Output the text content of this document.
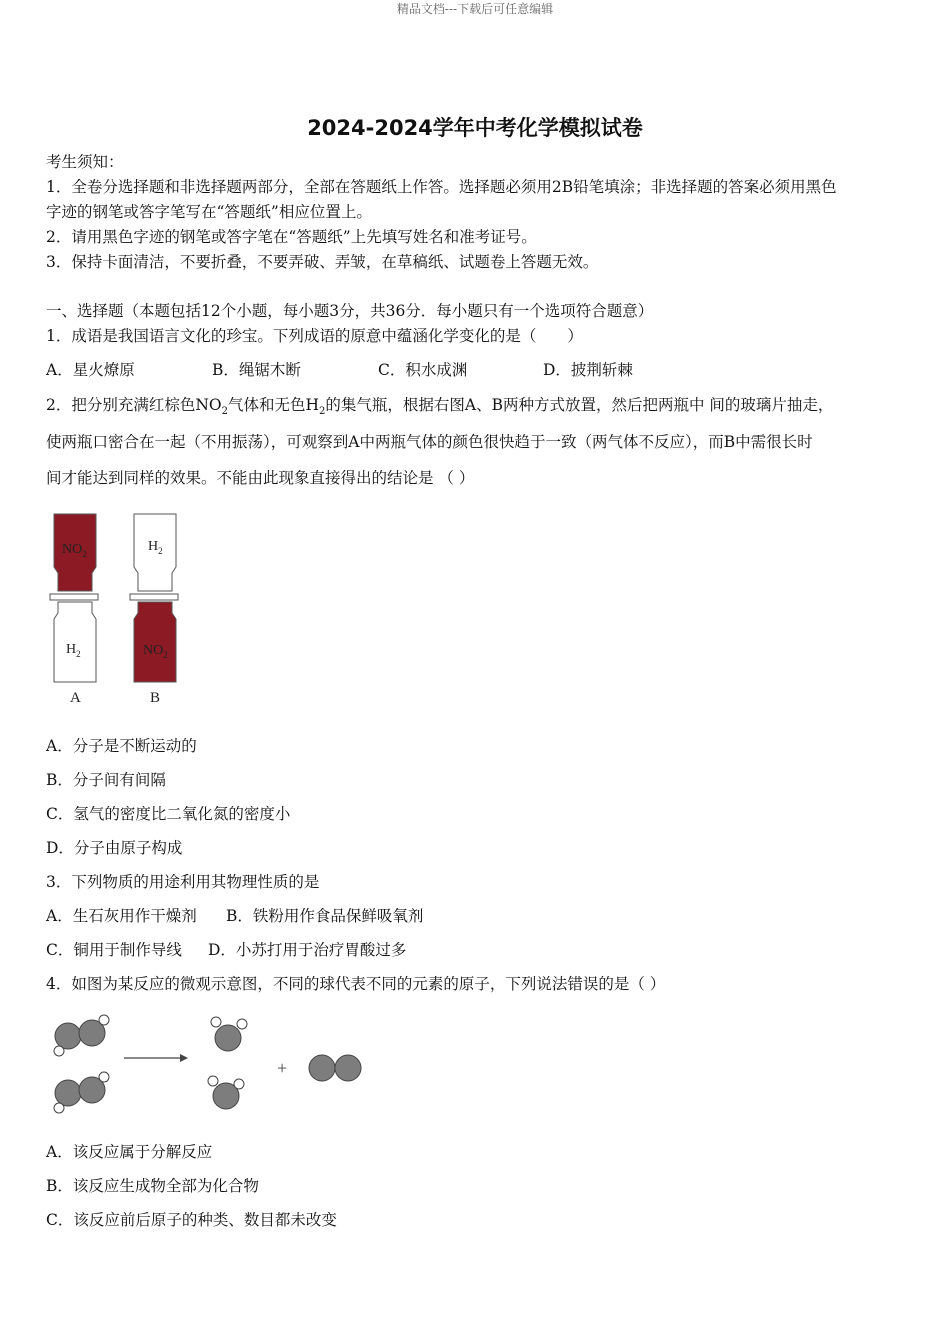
精品文档---下载后可任意编辑
2024-2024学年中考化学模拟试卷
考生须知：
1．全卷分选择题和非选择题两部分，全部在答题纸上作答。选择题必须用2B铅笔填涂；非选择题的答案必须用黑色
字迹的钢笔或答字笔写在“答题纸”相应位置上。
2．请用黑色字迹的钢笔或答字笔在“答题纸”上先填写姓名和准考证号。
3．保持卡面清洁，不要折叠，不要弄破、弄皱，在草稿纸、试题卷上答题无效。
一、选择题（本题包括12个小题，每小题3分，共36分．每小题只有一个选项符合题意）
1．成语是我国语言文化的珍宝。下列成语的原意中蕴涵化学变化的是（　　）
A．星火燎原	B．绳锯木断	C．积水成渊	D．披荆斩棘
2．把分别充满红棕色$NO_2$气体和无色$H_2$的集气瓶，根据右图A、B两种方式放置，然后把两瓶中 间的玻璃片抽走，
使两瓶口密合在一起（不用振荡），可观察到A中两瓶气体的颜色很快趋于一致（两气体不反应），而B中需很长时
间才能达到同样的效果。不能由此现象直接得出的结论是 （ ）
$NO_2$
$H_2$
A
$H_2$
$NO_2$
B
A．分子是不断运动的
B．分子间有间隔
C．氢气的密度比二氧化氮的密度小
D．分子由原子构成
3．下列物质的用途利用其物理性质的是
A．生石灰用作干燥剂 B．铁粉用作食品保鲜吸氧剂
C．铜用于制作导线 D．小苏打用于治疗胃酸过多
4．如图为某反应的微观示意图，不同的球代表不同的元素的原子，下列说法错误的是（ ）
+
A．该反应属于分解反应
B．该反应生成物全部为化合物
C．该反应前后原子的种类、数目都未改变
